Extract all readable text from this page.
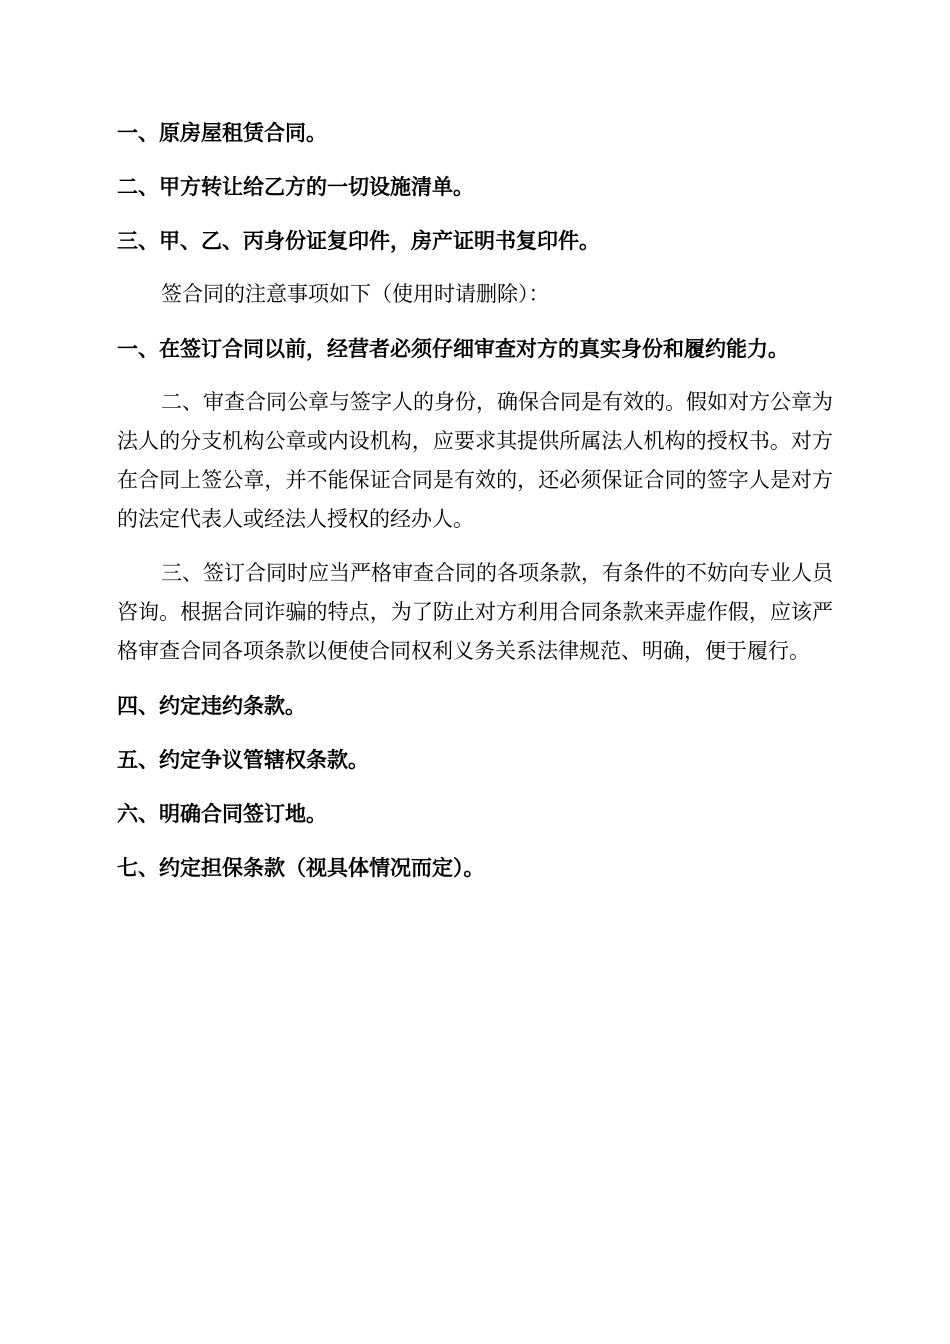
一、原房屋租赁合同。

二、甲方转让给乙方的一切设施清单。

三、甲、乙、丙身份证复印件，房产证明书复印件。

签合同的注意事项如下（使用时请删除）：

一、在签订合同以前，经营者必须仔细审查对方的真实身份和履约能力。

二、审查合同公章与签字人的身份，确保合同是有效的。假如对方公章为法人的分支机构公章或内设机构，应要求其提供所属法人机构的授权书。对方在合同上签公章，并不能保证合同是有效的，还必须保证合同的签字人是对方的法定代表人或经法人授权的经办人。

三、签订合同时应当严格审查合同的各项条款，有条件的不妨向专业人员咨询。根据合同诈骗的特点，为了防止对方利用合同条款来弄虚作假，应该严格审查合同各项条款以便使合同权利义务关系法律规范、明确，便于履行。

四、约定违约条款。

五、约定争议管辖权条款。

六、明确合同签订地。

七、约定担保条款（视具体情况而定）。
